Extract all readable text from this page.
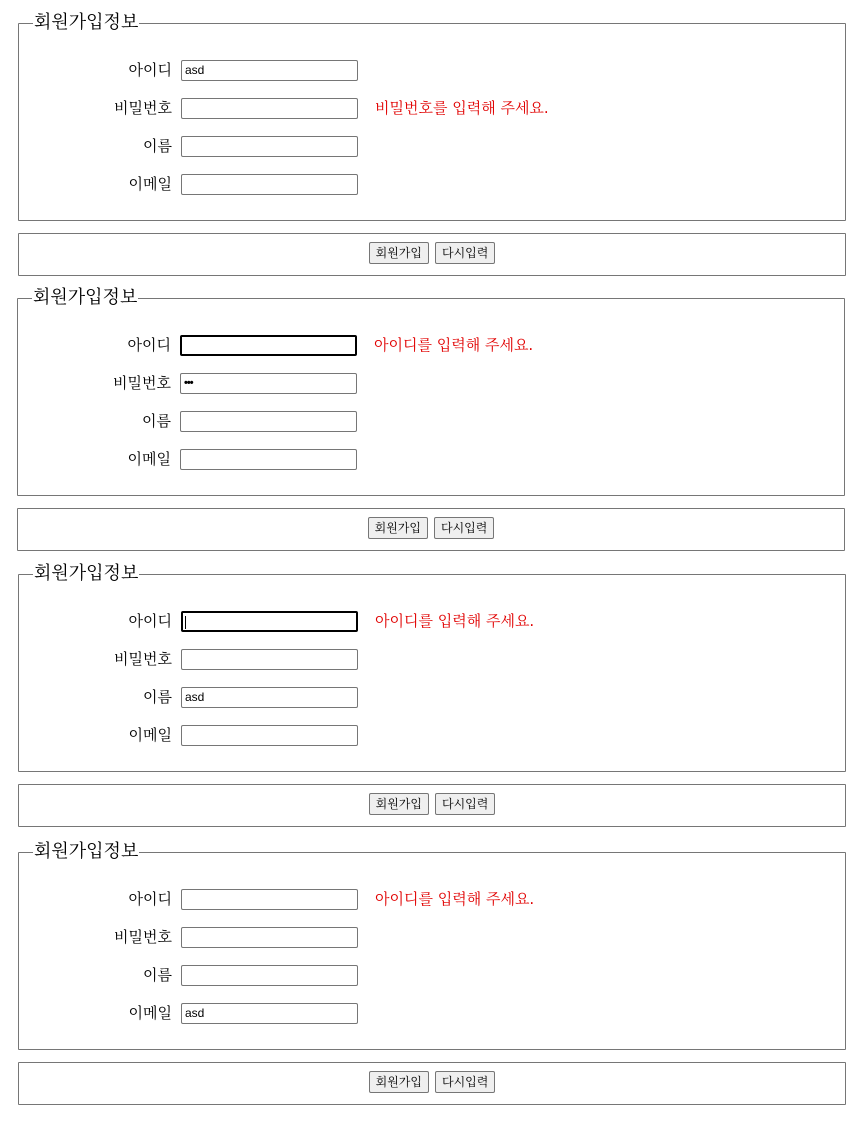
회원가입정보
아이디	asd
비밀번호	비밀번호를 입력해 주세요.
이름
이메일
회원가입 다시입력
회원가입정보
아이디	아이디를 입력해 주세요.
비밀번호	•••
이름
이메일
회원가입 다시입력
회원가입정보
아이디	아이디를 입력해 주세요.
비밀번호
이름	asd
이메일
회원가입 다시입력
회원가입정보
아이디	아이디를 입력해 주세요.
비밀번호
이름
이메일	asd
회원가입 다시입력
